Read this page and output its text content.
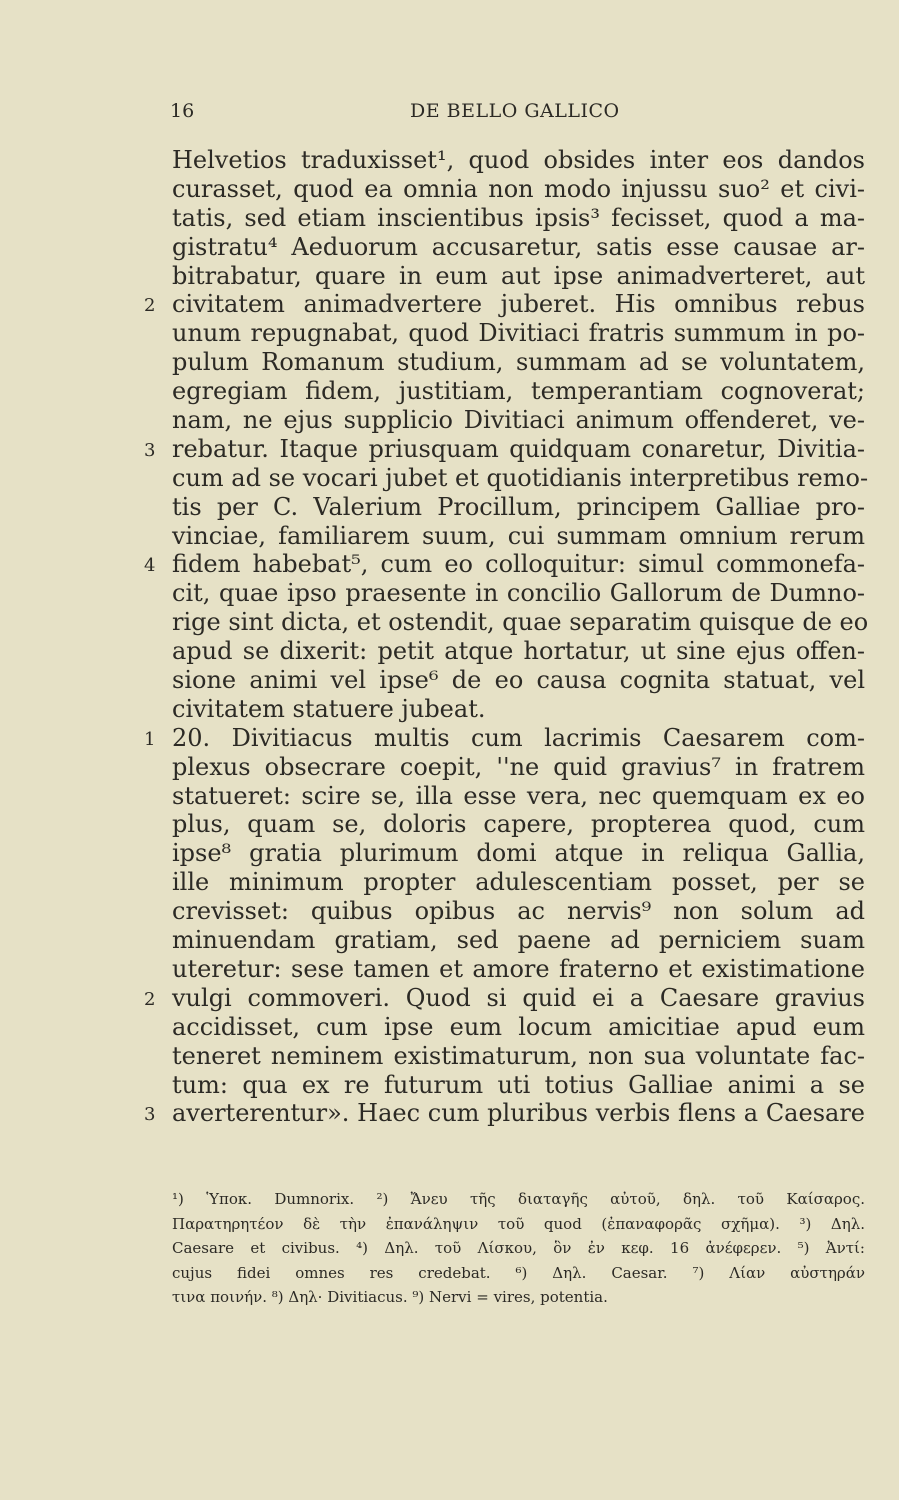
16	DE BELLO GALLICO
Helvetios traduxisset¹, quod obsides inter eos dandos
curasset, quod ea omnia non modo injussu suo² et civi-
tatis, sed etiam inscientibus ipsis³ fecisset, quod a ma-
gistratu⁴ Aeduorum accusaretur, satis esse causae ar-
bitrabatur, quare in eum aut ipse animadverteret, aut
2 civitatem animadvertere juberet. His omnibus rebus
unum repugnabat, quod Divitiaci fratris summum in po-
pulum Romanum studium, summam ad se voluntatem,
egregiam fidem, justitiam, temperantiam cognoverat;
nam, ne ejus supplicio Divitiaci animum offenderet, ve-
3 rebatur. Itaque priusquam quidquam conaretur, Divitia-
cum ad se vocari jubet et quotidianis interpretibus remo-
tis per C. Valerium Procillum, principem Galliae pro-
vinciae, familiarem suum, cui summam omnium rerum
4 fidem habebat⁵, cum eo colloquitur: simul commonefa-
cit, quae ipso praesente in concilio Gallorum de Dumno-
rige sint dicta, et ostendit, quae separatim quisque de eo
apud se dixerit: petit atque hortatur, ut sine ejus offen-
sione animi vel ipse⁶ de eo causa cognita statuat, vel
civitatem statuere jubeat.
1 20. Divitiacus multis cum lacrimis Caesarem com-
plexus obsecrare coepit, ''ne quid gravius⁷ in fratrem
statueret: scire se, illa esse vera, nec quemquam ex eo
plus, quam se, doloris capere, propterea quod, cum
ipse⁸ gratia plurimum domi atque in reliqua Gallia,
ille minimum propter adulescentiam posset, per se
crevisset: quibus opibus ac nervis⁹ non solum ad
minuendam gratiam, sed paene ad perniciem suam
uteretur: sese tamen et amore fraterno et existimatione
2 vulgi commoveri. Quod si quid ei a Caesare gravius
accidisset, cum ipse eum locum amicitiae apud eum
teneret neminem existimaturum, non sua voluntate fac-
tum: qua ex re futurum uti totius Galliae animi a se
3 averterentur». Haec cum pluribus verbis flens a Caesare
¹) Ὑποκ. Dumnorix. ²) Ἄνευ τῆς διαταγῆς αὐτοῦ, δηλ. τοῦ Καίσαρος.
Παρατηρητέον δὲ τὴν ἐπανάληψιν τοῦ quod (ἐπαναφορᾶς σχῆμα). ³) Δηλ.
Caesare et civibus. ⁴) Δηλ. τοῦ Λίσκου, ὃν ἐν κεφ. 16 ἀνέφερεν. ⁵) Ἀντί:
cujus fidei omnes res credebat. ⁶) Δηλ. Caesar. ⁷) Λίαν αὐστηράν
τινα ποινήν. ⁸) Δηλ· Divitiacus. ⁹) Nervi = vires, potentia.
